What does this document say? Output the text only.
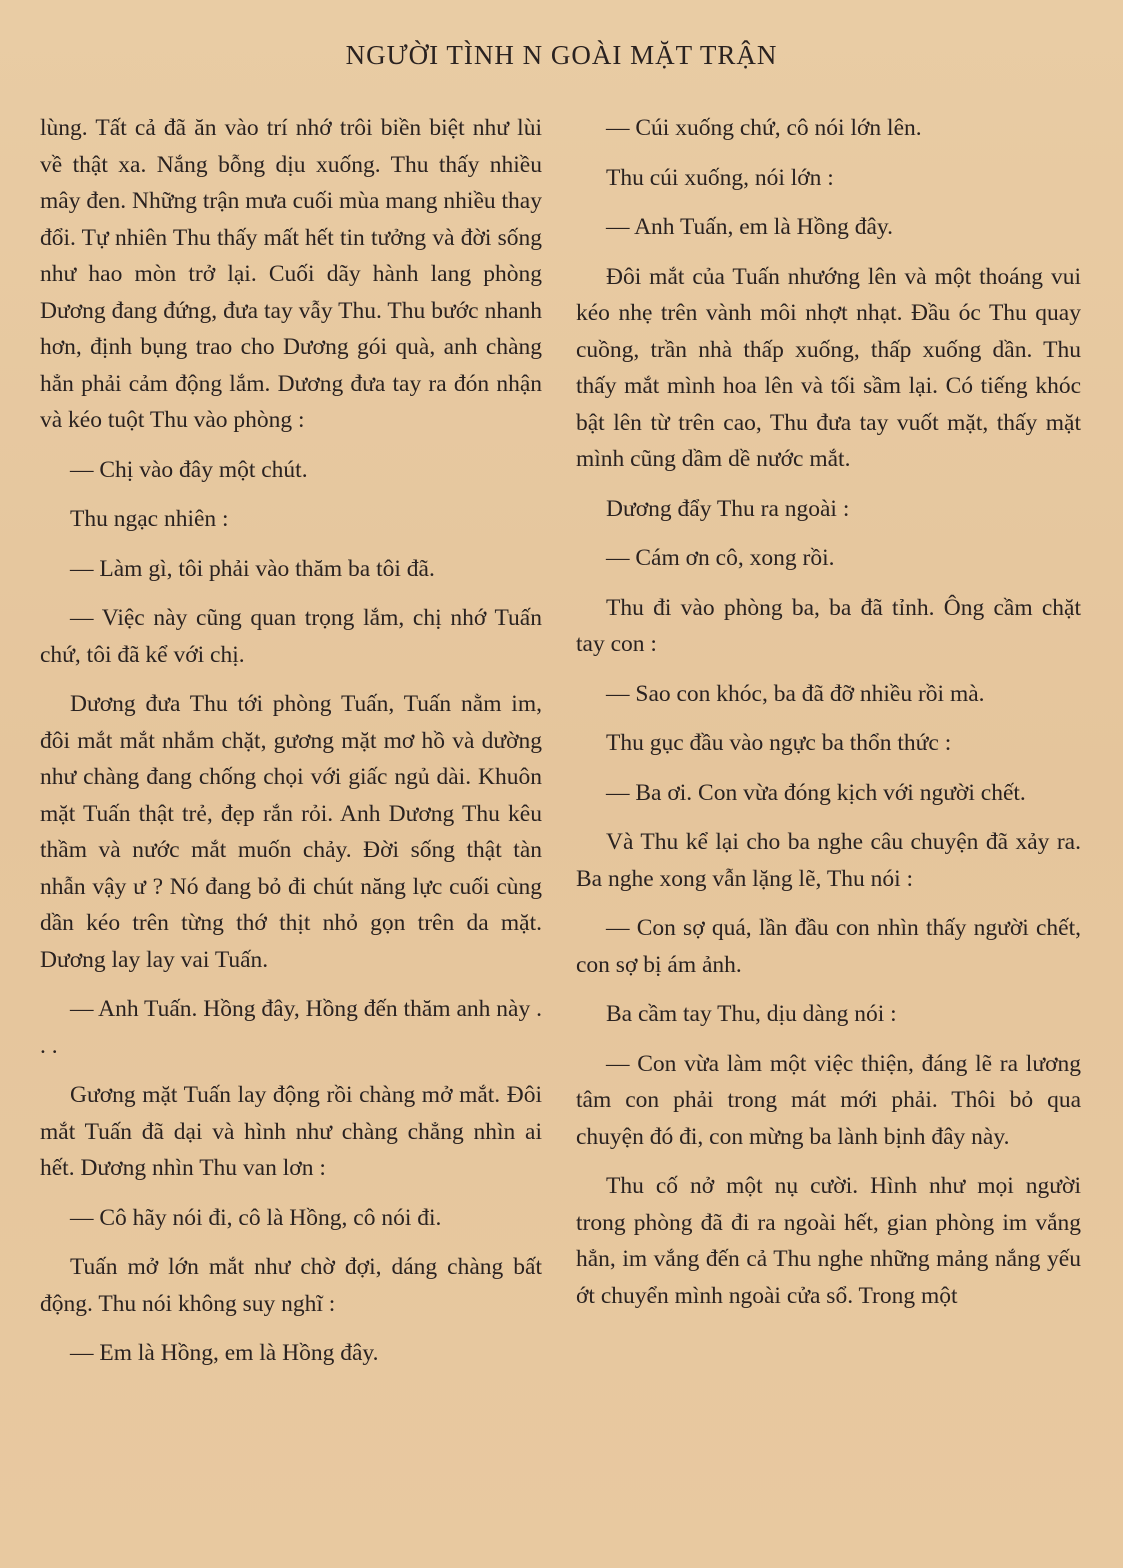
NGƯỜI TÌNH N GOÀI MẶT TRẬN

lùng. Tất cả đã ăn vào trí nhớ trôi biền biệt như lùi về thật xa. Nắng bỗng dịu xuống. Thu thấy nhiều mây đen. Những trận mưa cuối mùa mang nhiều thay đổi. Tự nhiên Thu thấy mất hết tin tưởng và đời sống như hao mòn trở lại. Cuối dãy hành lang phòng Dương đang đứng, đưa tay vẫy Thu. Thu bước nhanh hơn, định bụng trao cho Dương gói quà, anh chàng hẳn phải cảm động lắm. Dương đưa tay ra đón nhận và kéo tuột Thu vào phòng :

— Chị vào đây một chút.

Thu ngạc nhiên :

— Làm gì, tôi phải vào thăm ba tôi đã.

— Việc này cũng quan trọng lắm, chị nhớ Tuấn chứ, tôi đã kể với chị.

Dương đưa Thu tới phòng Tuấn, Tuấn nằm im, đôi mắt mắt nhắm chặt, gương mặt mơ hồ và dường như chàng đang chống chọi với giấc ngủ dài. Khuôn mặt Tuấn thật trẻ, đẹp rắn rỏi. Anh Dương Thu kêu thầm và nước mắt muốn chảy. Đời sống thật tàn nhẫn vậy ư ? Nó đang bỏ đi chút năng lực cuối cùng dần kéo trên từng thớ thịt nhỏ gọn trên da mặt. Dương lay lay vai Tuấn.

— Anh Tuấn. Hồng đây, Hồng đến thăm anh này . . .

Gương mặt Tuấn lay động rồi chàng mở mắt. Đôi mắt Tuấn đã dại và hình như chàng chẳng nhìn ai hết. Dương nhìn Thu van lơn :

— Cô hãy nói đi, cô là Hồng, cô nói đi.

Tuấn mở lớn mắt như chờ đợi, dáng chàng bất động. Thu nói không suy nghĩ :

— Em là Hồng, em là Hồng đây.

— Cúi xuống chứ, cô nói lớn lên.

Thu cúi xuống, nói lớn :

— Anh Tuấn, em là Hồng đây.

Đôi mắt của Tuấn nhướng lên và một thoáng vui kéo nhẹ trên vành môi nhợt nhạt. Đầu óc Thu quay cuồng, trần nhà thấp xuống, thấp xuống dần. Thu thấy mắt mình hoa lên và tối sầm lại. Có tiếng khóc bật lên từ trên cao, Thu đưa tay vuốt mặt, thấy mặt mình cũng dầm dề nước mắt.

Dương đẩy Thu ra ngoài :

— Cám ơn cô, xong rồi.

Thu đi vào phòng ba, ba đã tỉnh. Ông cầm chặt tay con :

— Sao con khóc, ba đã đỡ nhiều rồi mà.

Thu gục đầu vào ngực ba thổn thức :

— Ba ơi. Con vừa đóng kịch với người chết.

Và Thu kể lại cho ba nghe câu chuyện đã xảy ra. Ba nghe xong vẫn lặng lẽ, Thu nói :

— Con sợ quá, lần đầu con nhìn thấy người chết, con sợ bị ám ảnh.

Ba cầm tay Thu, dịu dàng nói :

— Con vừa làm một việc thiện, đáng lẽ ra lương tâm con phải trong mát mới phải. Thôi bỏ qua chuyện đó đi, con mừng ba lành bịnh đây này.

Thu cố nở một nụ cười. Hình như mọi người trong phòng đã đi ra ngoài hết, gian phòng im vắng hẳn, im vắng đến cả Thu nghe những mảng nắng yếu ớt chuyển mình ngoài cửa sổ. Trong một
